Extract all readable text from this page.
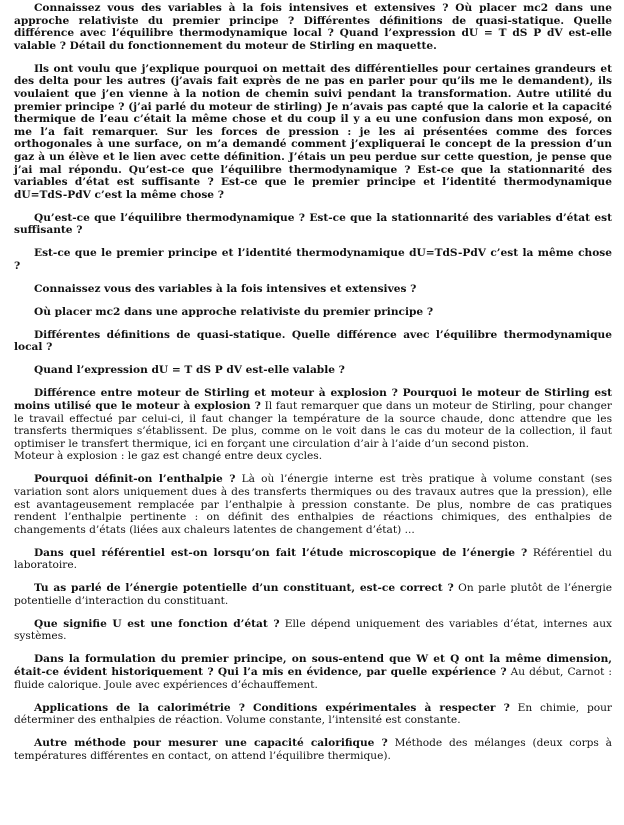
Connaissez vous des variables à la fois intensives et extensives ? Où placer mc2 dans une approche relativiste du premier principe ? Différentes définitions de quasi-statique. Quelle différence avec l’équilibre thermodynamique local ? Quand l’expression dU = T dS P dV est-elle valable ? Détail du fonctionnement du moteur de Stirling en maquette.

Ils ont voulu que j’explique pourquoi on mettait des différentielles pour certaines grandeurs et des delta pour les autres (j’avais fait exprès de ne pas en parler pour qu’ils me le demandent), ils voulaient que j’en vienne à la notion de chemin suivi pendant la transformation. Autre utilité du premier principe ? (j’ai parlé du moteur de stirling) Je n’avais pas capté que la calorie et la capacité thermique de l’eau c’était la même chose et du coup il y a eu une confusion dans mon exposé, on me l’a fait remarquer. Sur les forces de pression : je les ai présentées comme des forces orthogonales à une surface, on m’a demandé comment j’expliquerai le concept de la pression d’un gaz à un élève et le lien avec cette définition. J’étais un peu perdue sur cette question, je pense que j’ai mal répondu. Qu’est-ce que l’équilibre thermodynamique ? Est-ce que la stationnarité des variables d’état est suffisante ? Est-ce que le premier principe et l’identité thermodynamique dU=TdS-PdV c’est la même chose ?

Qu’est-ce que l’équilibre thermodynamique ? Est-ce que la stationnarité des variables d’état est suffisante ?

Est-ce que le premier principe et l’identité thermodynamique dU=TdS-PdV c’est la même chose ?

Connaissez vous des variables à la fois intensives et extensives ?

Où placer mc2 dans une approche relativiste du premier principe ?

Différentes définitions de quasi-statique. Quelle différence avec l’équilibre thermodynamique local ?

Quand l’expression dU = T dS P dV est-elle valable ?

Différence entre moteur de Stirling et moteur à explosion ? Pourquoi le moteur de Stirling est moins utilisé que le moteur à explosion ? Il faut remarquer que dans un moteur de Stirling, pour changer le travail effectué par celui-ci, il faut changer la température de la source chaude, donc attendre que les transferts thermiques s’établissent. De plus, comme on le voit dans le cas du moteur de la collection, il faut optimiser le transfert thermique, ici en forçant une circulation d’air à l’aide d’un second piston.

Moteur à explosion : le gaz est changé entre deux cycles.

Pourquoi définit-on l’enthalpie ? Là où l’énergie interne est très pratique à volume constant (ses variation sont alors uniquement dues à des transferts thermiques ou des travaux autres que la pression), elle est avantageusement remplacée par l’enthalpie à pression constante. De plus, nombre de cas pratiques rendent l’enthalpie pertinente : on définit des enthalpies de réactions chimiques, des enthalpies de changements d’états (liées aux chaleurs latentes de changement d’état) ...

Dans quel référentiel est-on lorsqu’on fait l’étude microscopique de l’énergie ? Référentiel du laboratoire.

Tu as parlé de l’énergie potentielle d’un constituant, est-ce correct ? On parle plutôt de l’énergie potentielle d’interaction du constituant.

Que signifie U est une fonction d’état ? Elle dépend uniquement des variables d’état, internes aux systèmes.

Dans la formulation du premier principe, on sous-entend que W et Q ont la même dimension, était-ce évident historiquement ? Qui l’a mis en évidence, par quelle expérience ? Au début, Carnot : fluide calorique. Joule avec expériences d’échauffement.

Applications de la calorimétrie ? Conditions expérimentales à respecter ? En chimie, pour déterminer des enthalpies de réaction. Volume constante, l’intensité est constante.

Autre méthode pour mesurer une capacité calorifique ? Méthode des mélanges (deux corps à températures différentes en contact, on attend l’équilibre thermique).
